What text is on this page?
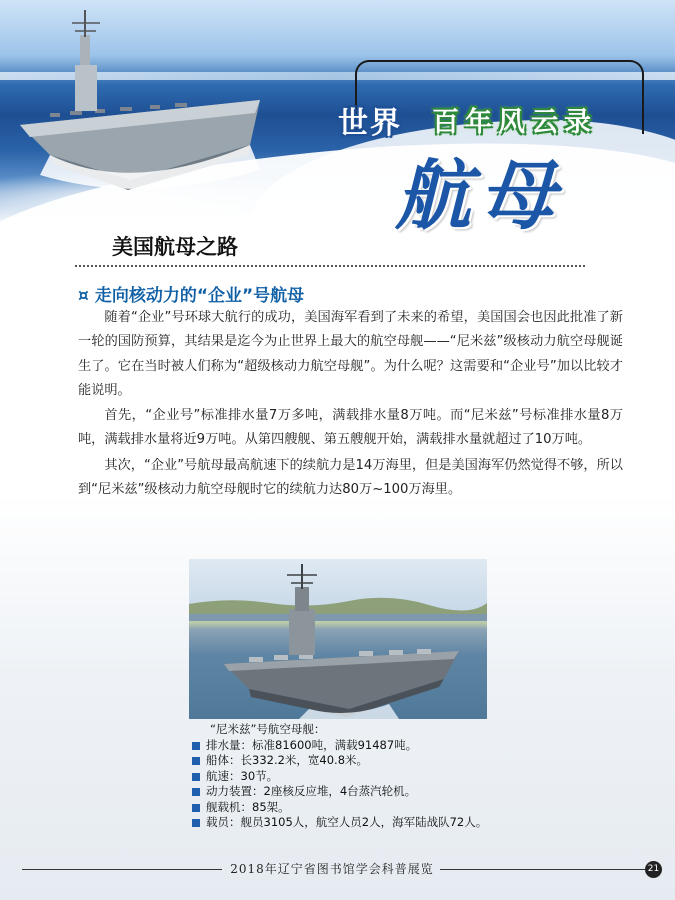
世界 百年风云录
航母
美国航母之路
¤ 走向核动力的“企业”号航母

随着“企业”号环球大航行的成功，美国海军看到了未来的希望，美国国会也因此批准了新一轮的国防预算，其结果是迄今为止世界上最大的航空母舰——“尼米兹”级核动力航空母舰诞生了。它在当时被人们称为“超级核动力航空母舰”。为什么呢？这需要和“企业号”加以比较才能说明。

首先，“企业号”标准排水量7万多吨，满载排水量8万吨。而“尼米兹”号标准排水量8万吨，满载排水量将近9万吨。从第四艘舰、第五艘舰开始，满载排水量就超过了10万吨。

其次，“企业”号航母最高航速下的续航力是14万海里，但是美国海军仍然觉得不够，所以到“尼米兹”级核动力航空母舰时它的续航力达80万~100万海里。

“尼米兹”号航空母舰：
排水量：标准81600吨，满载91487吨。
船体：长332.2米，宽40.8米。
航速：30节。
动力装置：2座核反应堆，4台蒸汽轮机。
舰载机：85架。
载员：舰员3105人，航空人员2人，海军陆战队72人。
2018年辽宁省图书馆学会科普展览	21
